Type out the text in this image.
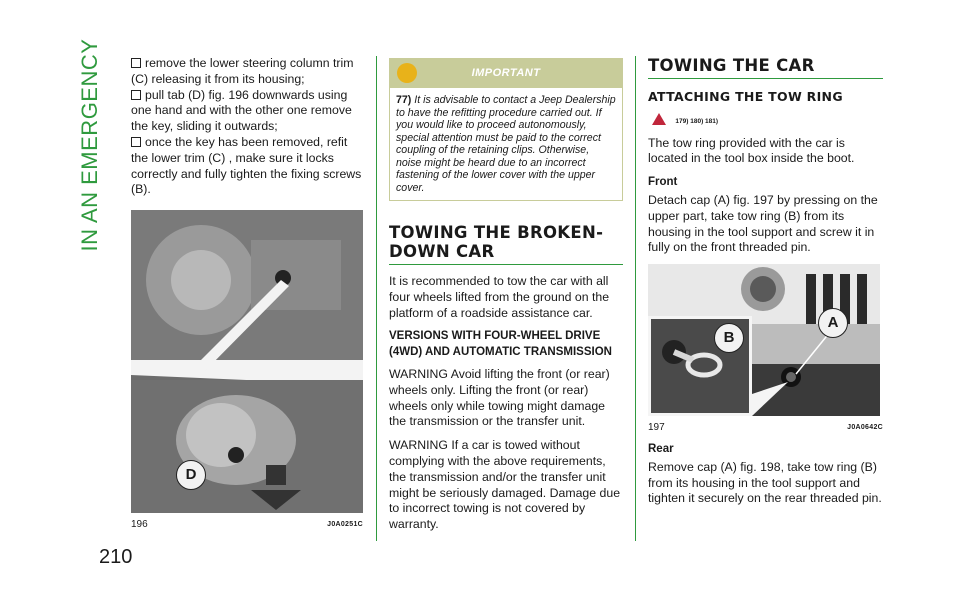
IN AN EMERGENCY
210
remove the lower steering column trim (C) releasing it from its housing;
pull tab (D) fig. 196 downwards using one hand and with the other one remove the key, sliding it outwards;
once the key has been removed, refit the lower trim (C) , make sure it locks correctly and fully tighten the fixing screws (B).
D
196	J0A0251C
IMPORTANT
77) It is advisable to contact a Jeep Dealership to have the refitting procedure carried out. If you would like to proceed autonomously, special attention must be paid to the correct coupling of the retaining clips. Otherwise, noise might be heard due to an incorrect fastening of the lower cover with the upper cover.
TOWING THE BROKEN-
DOWN CAR

It is recommended to tow the car with all four wheels lifted from the ground on the platform of a roadside assistance car.

VERSIONS WITH FOUR-WHEEL DRIVE (4WD) AND AUTOMATIC TRANSMISSION

WARNING Avoid lifting the front (or rear) wheels only. Lifting the front (or rear) wheels only while towing might damage the transmission or the transfer unit.

WARNING If a car is towed without complying with the above requirements, the transmission and/or the transfer unit might be seriously damaged. Damage due to incorrect towing is not covered by warranty.

TOWING THE CAR
ATTACHING THE TOW RING
179) 180) 181)

The tow ring provided with the car is located in the tool box inside the boot.

Front

Detach cap (A) fig. 197 by pressing on the upper part, take tow ring (B) from its housing in the tool support and screw it in fully on the front threaded pin.

A
B
197	J0A0642C
Rear

Remove cap (A) fig. 198, take tow ring (B) from its housing in the tool support and tighten it securely on the rear threaded pin.
